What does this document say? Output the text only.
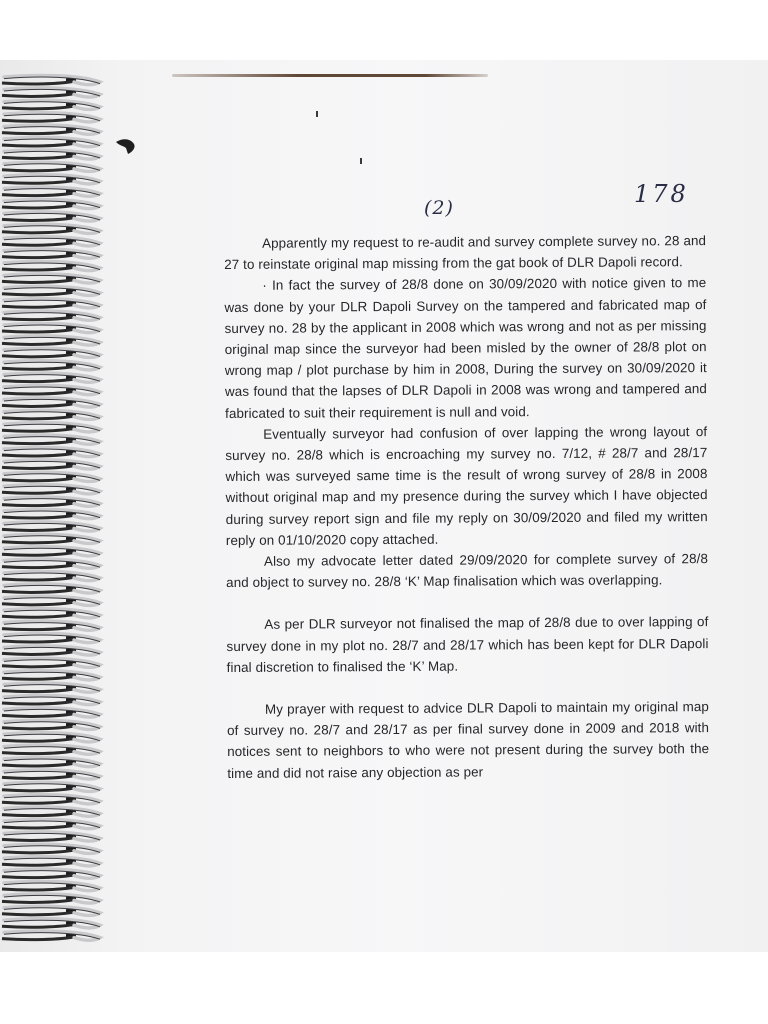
(2)	178

Apparently my request to re-audit and survey complete survey no. 28 and 27 to reinstate original map missing from the gat book of DLR Dapoli record.

· In fact the survey of 28/8 done on 30/09/2020 with notice given to me was done by your DLR Dapoli Survey on the tampered and fabricated map of survey no. 28 by the applicant in 2008 which was wrong and not as per missing original map since the surveyor had been misled by the owner of 28/8 plot on wrong map / plot purchase by him in 2008, During the survey on 30/09/2020 it was found that the lapses of DLR Dapoli in 2008 was wrong and tampered and fabricated to suit their requirement is null and void.

Eventually surveyor had confusion of over lapping the wrong layout of survey no. 28/8 which is encroaching my survey no. 7/12, # 28/7 and 28/17 which was surveyed same time is the result of wrong survey of 28/8 in 2008 without original map and my presence during the survey which I have objected during survey report sign and file my reply on 30/09/2020 and filed my written reply on 01/10/2020 copy attached.

Also my advocate letter dated 29/09/2020 for complete survey of 28/8 and object to survey no. 28/8 ‘K’ Map finalisation which was overlapping.

As per DLR surveyor not finalised the map of 28/8 due to over lapping of survey done in my plot no. 28/7 and 28/17 which has been kept for DLR Dapoli final discretion to finalised the ‘K’ Map.

My prayer with request to advice DLR Dapoli to maintain my original map of survey no. 28/7 and 28/17 as per final survey done in 2009 and 2018 with notices sent to neighbors to who were not present during the survey both the time and did not raise any objection as per
